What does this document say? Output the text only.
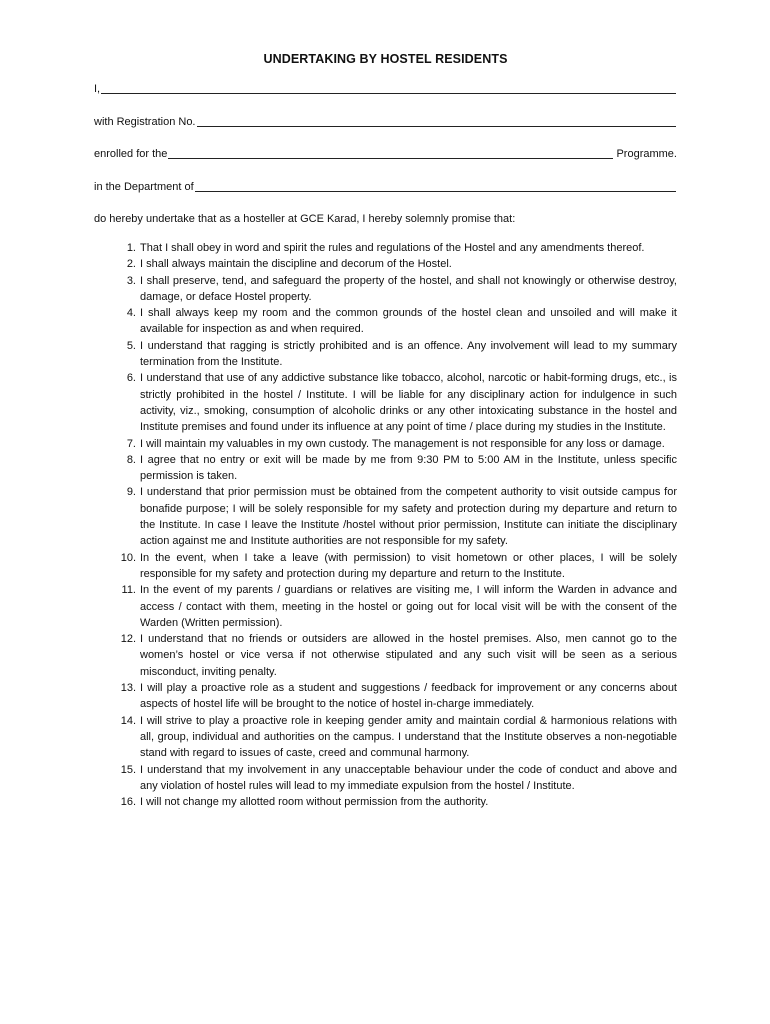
UNDERTAKING BY HOSTEL RESIDENTS
I,
with Registration No.
enrolled for the	Programme.
in the Department of
do hereby undertake that as a hosteller at GCE Karad, I hereby solemnly promise that:
1. That I shall obey in word and spirit the rules and regulations of the Hostel and any amendments thereof.
2. I shall always maintain the discipline and decorum of the Hostel.
3. I shall preserve, tend, and safeguard the property of the hostel, and shall not knowingly or otherwise destroy, damage, or deface Hostel property.
4. I shall always keep my room and the common grounds of the hostel clean and unsoiled and will make it available for inspection as and when required.
5. I understand that ragging is strictly prohibited and is an offence. Any involvement will lead to my summary termination from the Institute.
6. I understand that use of any addictive substance like tobacco, alcohol, narcotic or habit-forming drugs, etc., is strictly prohibited in the hostel / Institute. I will be liable for any disciplinary action for indulgence in such activity, viz., smoking, consumption of alcoholic drinks or any other intoxicating substance in the hostel and Institute premises and found under its influence at any point of time / place during my studies in the Institute.
7. I will maintain my valuables in my own custody. The management is not responsible for any loss or damage.
8. I agree that no entry or exit will be made by me from 9:30 PM to 5:00 AM in the Institute, unless specific permission is taken.
9. I understand that prior permission must be obtained from the competent authority to visit outside campus for bonafide purpose; I will be solely responsible for my safety and protection during my departure and return to the Institute. In case I leave the Institute /hostel without prior permission, Institute can initiate the disciplinary action against me and Institute authorities are not responsible for my safety.
10. In the event, when I take a leave (with permission) to visit hometown or other places, I will be solely responsible for my safety and protection during my departure and return to the Institute.
11. In the event of my parents / guardians or relatives are visiting me, I will inform the Warden in advance and access / contact with them, meeting in the hostel or going out for local visit will be with the consent of the Warden (Written permission).
12. I understand that no friends or outsiders are allowed in the hostel premises. Also, men cannot go to the women’s hostel or vice versa if not otherwise stipulated and any such visit will be seen as a serious misconduct, inviting penalty.
13. I will play a proactive role as a student and suggestions / feedback for improvement or any concerns about aspects of hostel life will be brought to the notice of hostel in-charge immediately.
14. I will strive to play a proactive role in keeping gender amity and maintain cordial & harmonious relations with all, group, individual and authorities on the campus. I understand that the Institute observes a non-negotiable stand with regard to issues of caste, creed and communal harmony.
15. I understand that my involvement in any unacceptable behaviour under the code of conduct and above and any violation of hostel rules will lead to my immediate expulsion from the hostel / Institute.
16. I will not change my allotted room without permission from the authority.
